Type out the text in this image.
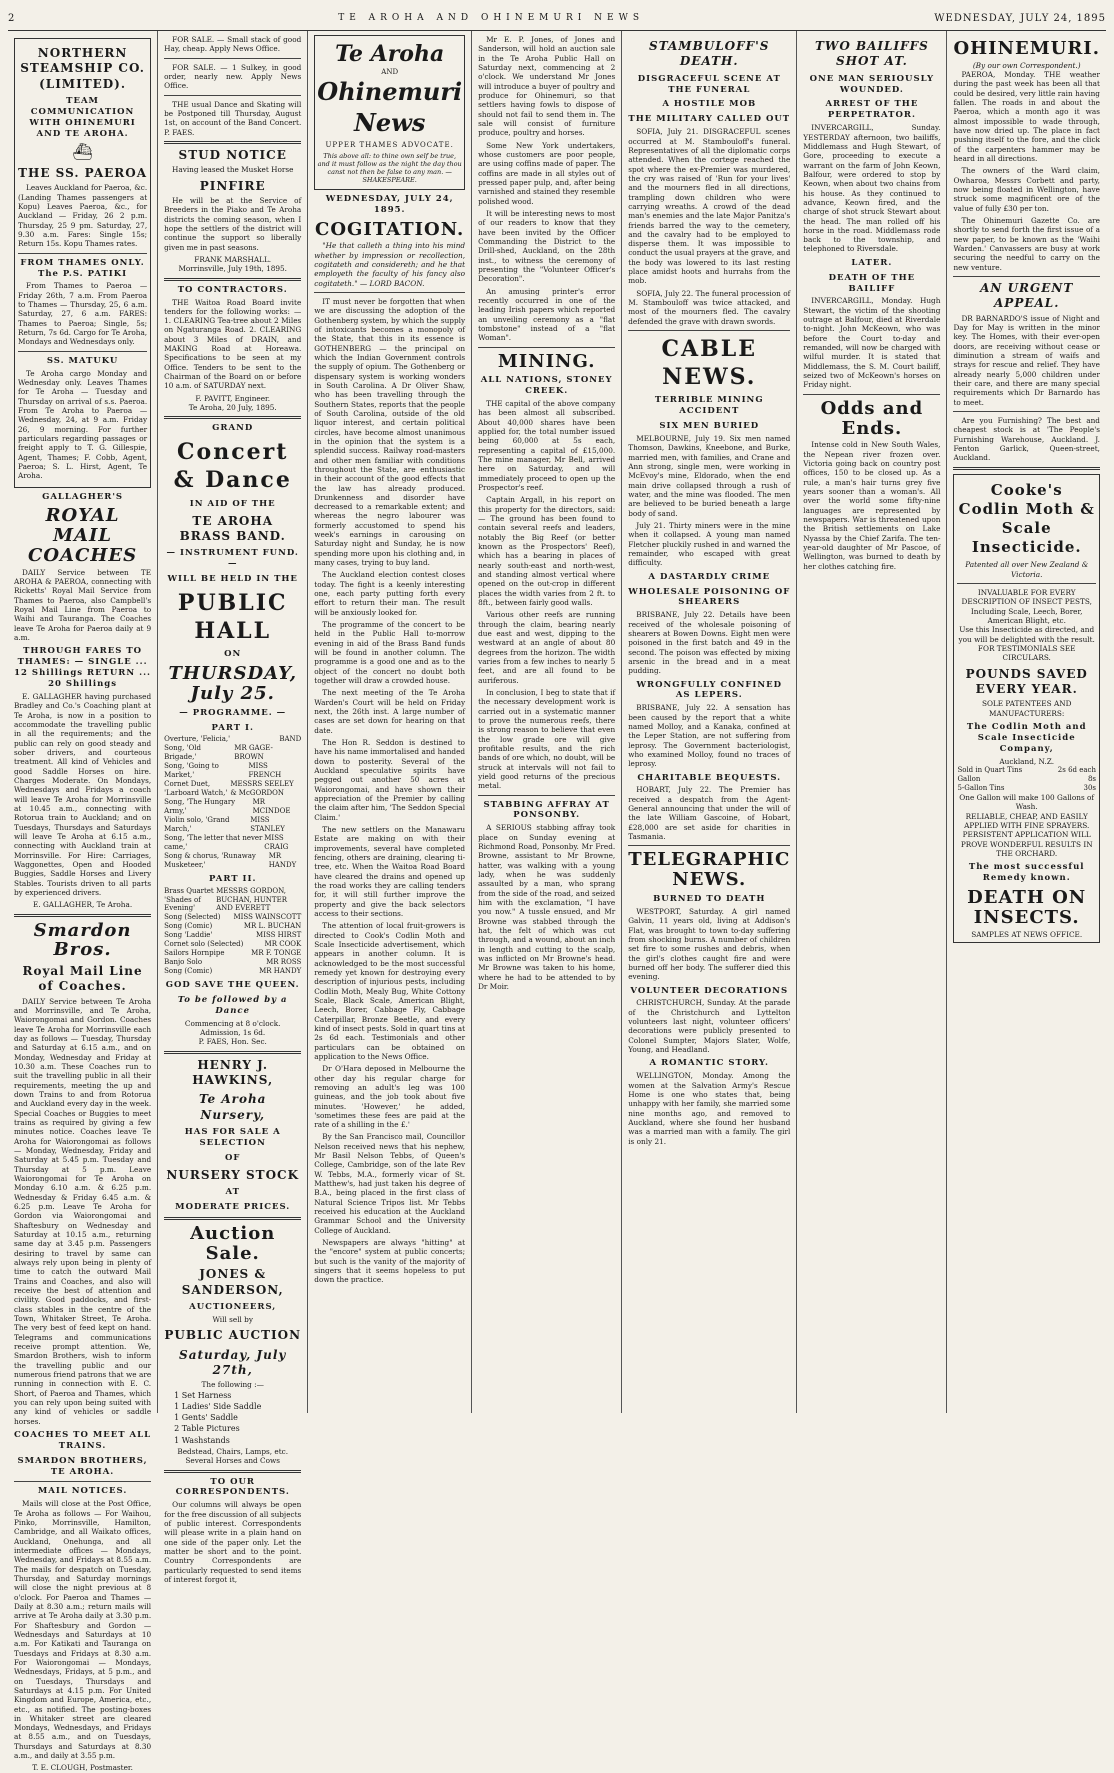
2	TE AROHA AND OHINEMURI NEWS	WEDNESDAY, JULY 24, 1895
NORTHERN STEAMSHIP CO. (LIMITED).
TEAM COMMUNICATION WITH OHINEMURI AND TE AROHA.
⛴
THE SS. PAEROA

Leaves Auckland for Paeroa, &c. (Landing Thames passengers at Kopu) Leaves Paeroa, &c., for Auckland — Friday, 26 2 p.m. Thursday, 25 9 pm. Saturday, 27, 9.30 a.m. Fares: Single 15s; Return 15s. Kopu Thames rates.

FROM THAMES ONLY. The P.S. PATIKI

From Thames to Paeroa — Friday 26th, 7 a.m. From Paeroa to Thames — Thursday, 25, 6 a.m. Saturday, 27, 6 a.m. FARES: Thames to Paeroa; Single, 5s; Return, 7s 6d. Cargo for Te Aroha, Mondays and Wednesdays only.

SS. MATUKU

Te Aroha cargo Monday and Wednesday only. Leaves Thames for Te Aroha — Tuesday and Thursday on arrival of s.s. Paeroa. From Te Aroha to Paeroa — Wednesday, 24, at 9 a.m. Friday 26, 9 morning. For further particulars regarding passages or freight apply to T. G. Gillespie, Agent, Thames; F. Cobb, Agent, Paeroa; S. L. Hirst, Agent, Te Aroha.

GALLAGHER'S
ROYAL MAIL COACHES

DAILY Service between TE AROHA & PAEROA, connecting with Ricketts' Royal Mail Service from Thames to Paeroa, also Campbell's Royal Mail Line from Paeroa to Waihi and Tauranga. The Coaches leave Te Aroha for Paeroa daily at 9 a.m.

THROUGH FARES TO THAMES: — SINGLE ... 12 Shillings RETURN ... 20 Shillings

E. GALLAGHER having purchased Bradley and Co.'s Coaching plant at Te Aroha, is now in a position to accommodate the travelling public in all the requirements; and the public can rely on good steady and sober drivers, and courteous treatment. All kind of Vehicles and good Saddle Horses on hire. Charges Moderate. On Mondays, Wednesdays and Fridays a coach will leave Te Aroha for Morrinsville at 10.45 a.m., connecting with Rotorua train to Auckland; and on Tuesdays, Thursdays and Saturdays will leave Te Aroha at 6.15 a.m., connecting with Auckland train at Morrinsville. For Hire: Carriages, Waggonettes, Open and Hooded Buggies, Saddle Horses and Livery Stables. Tourists driven to all parts by experienced drivers.

E. GALLAGHER, Te Aroha.
Smardon Bros.
Royal Mail Line of Coaches.

DAILY Service between Te Aroha and Morrinsville, and Te Aroha, Waiorongomai and Gordon. Coaches leave Te Aroha for Morrinsville each day as follows — Tuesday, Thursday and Saturday at 6.15 a.m., and on Monday, Wednesday and Friday at 10.30 a.m. These Coaches run to suit the travelling public in all their requirements, meeting the up and down Trains to and from Rotorua and Auckland every day in the week. Special Coaches or Buggies to meet trains as required by giving a few minutes notice. Coaches leave Te Aroha for Waiorongomai as follows — Monday, Wednesday, Friday and Saturday at 5.45 p.m. Tuesday and Thursday at 5 p.m. Leave Waiorongomai for Te Aroha on Monday 6.10 a.m. & 6.25 p.m. Wednesday & Friday 6.45 a.m. & 6.25 p.m. Leave Te Aroha for Gordon via Waiorongomai and Shaftesbury on Wednesday and Saturday at 10.15 a.m., returning same day at 3.45 p.m. Passengers desiring to travel by same can always rely upon being in plenty of time to catch the outward Mail Trains and Coaches, and also will receive the best of attention and civility. Good paddocks, and first-class stables in the centre of the Town, Whitaker Street, Te Aroha. The very best of feed kept on hand. Telegrams and communications receive prompt attention. We, Smardon Brothers, wish to inform the travelling public and our numerous friend patrons that we are running in connection with E. C. Short, of Paeroa and Thames, which you can rely upon being suited with any kind of vehicles or saddle horses.

COACHES TO MEET ALL TRAINS.
SMARDON BROTHERS, TE AROHA.
MAIL NOTICES.

Mails will close at the Post Office, Te Aroha as follows — For Waihou, Pinko, Morrinsville, Hamilton, Cambridge, and all Waikato offices, Auckland, Onehunga, and all intermediate offices — Mondays, Wednesday, and Fridays at 8.55 a.m. The mails for despatch on Tuesday, Thursday, and Saturday mornings will close the night previous at 8 o'clock. For Paeroa and Thames — Daily at 8.30 a.m.; return mails will arrive at Te Aroha daily at 3.30 p.m. For Shaftesbury and Gordon — Wednesdays and Saturdays at 10 a.m. For Katikati and Tauranga on Tuesdays and Fridays at 8.30 a.m. For Waiorongomai — Mondays, Wednesdays, Fridays, at 5 p.m., and on Tuesdays, Thursdays and Saturdays at 4.15 p.m. For United Kingdom and Europe, America, etc., etc., as notified. The posting-boxes in Whitaker street are cleared Mondays, Wednesdays, and Fridays at 8.55 a.m., and on Tuesdays, Thursdays and Saturdays at 8.30 a.m., and daily at 3.55 p.m.

T. E. CLOUGH, Postmaster.

FOR SALE. — Small stack of good Hay, cheap. Apply News Office.

FOR SALE. — 1 Sulkey, in good order, nearly new. Apply News Office.

THE usual Dance and Skating will be Postponed till Thursday, August 1st, on account of the Band Concert. P. FAES.

STUD NOTICE
Having leased the Musket Horse
PINFIRE

He will be at the Service of Breeders in the Piako and Te Aroha districts the coming season, when I hope the settlers of the district will continue the support so liberally given me in past seasons.

FRANK MARSHALL.
Morrinsville, July 19th, 1895.
TO CONTRACTORS.

THE Waitoa Road Board invite tenders for the following works: — 1. CLEARING Tea-tree about 2 Miles on Ngaturanga Road. 2. CLEARING about 3 Miles of DRAIN, and MAKING Road at Horeawa. Specifications to be seen at my Office. Tenders to be sent to the Chairman of the Board on or before 10 a.m. of SATURDAY next.

F. PAVITT, Engineer.
Te Aroha, 20 July, 1895.
GRAND
Concert & Dance
IN AID OF THE
TE AROHA BRASS BAND.
— INSTRUMENT FUND. —
WILL BE HELD IN THE
PUBLIC HALL
ON
THURSDAY, July 25.
— PROGRAMME. —
PART I.
Overture, 'Felicia,'	BAND
Song, 'Old Brigade,'
MR GAGE-BROWN
Song, 'Going to Market,'
MISS FRENCH
Cornet Duet, 'Larboard Watch,'
MESSRS SEELEY & McGORDON
Song, 'The Hungary Army,'
MR MCINDOE
Violin solo, 'Grand March,'
MISS STANLEY
Song, 'The letter that never came,'
MISS CRAIG
Song & chorus, 'Runaway Musketeer,'
MR HANDY
PART II.
Brass Quartet 'Shades of Evening'
MESSRS GORDON, BUCHAN, HUNTER AND EVERETT
Song (Selected) MISS WAINSCOTT
Song (Comic)	MR L. BUCHAN
Song 'Laddie'	MISS HIRST
Cornet solo (Selected)	MR COOK
Sailors Hornpipe	MR F. TONGE
Banjo Solo	MR ROSS
Song (Comic)	MR HANDY
GOD SAVE THE QUEEN.
To be followed by a Dance
Commencing at 8 o'clock. Admission, 1s 6d.
P. FAES, Hon. Sec.
HENRY J. HAWKINS,
Te Aroha Nursery,
HAS FOR SALE A SELECTION
OF
NURSERY STOCK
AT
MODERATE PRICES.
Auction Sale.
JONES & SANDERSON,
AUCTIONEERS,
Will sell by
PUBLIC AUCTION
Saturday, July 27th,
The following :—
1 Set Harness
1 Ladies' Side Saddle
1 Gents' Saddle
2 Table Pictures
1 Washstands
Bedstead, Chairs, Lamps, etc. Several Horses and Cows
TO OUR CORRESPONDENTS.

Our columns will always be open for the free discussion of all subjects of public interest. Correspondents will please write in a plain hand on one side of the paper only. Let the matter be short and to the point. Country Correspondents are particularly requested to send items of interest forgot it,

Te Aroha
AND
Ohinemuri News
UPPER THAMES ADVOCATE.
This above all: to thine own self be true, and it must follow as the night the day thou canst not then be false to any man. — SHAKESPEARE.
WEDNESDAY, JULY 24, 1895.
COGITATION.

"He that calleth a thing into his mind whether by impression or recollection, cogitateth and considereth; and he that employeth the faculty of his fancy also cogitateth." — LORD BACON.

IT must never be forgotten that when we are discussing the adoption of the Gothenberg system, by which the supply of intoxicants becomes a monopoly of the State, that this in its essence is GOTHENBERG — the principal on which the Indian Government controls the supply of opium. The Gothenberg or dispensary system is working wonders in South Carolina. A Dr Oliver Shaw, who has been travelling through the Southern States, reports that the people of South Carolina, outside of the old liquor interest, and certain political circles, have become almost unanimous in the opinion that the system is a splendid success. Railway road-masters and other men familiar with conditions throughout the State, are enthusiastic in their account of the good effects that the law has already produced. Drunkenness and disorder have decreased to a remarkable extent; and whereas the negro labourer was formerly accustomed to spend his week's earnings in carousing on Saturday night and Sunday, he is now spending more upon his clothing and, in many cases, trying to buy land.

The Auckland election contest closes today. The fight is a keenly interesting one, each party putting forth every effort to return their man. The result will be anxiously looked for.

The programme of the concert to be held in the Public Hall to-morrow evening in aid of the Brass Band funds will be found in another column. The programme is a good one and as to the object of the concert no doubt both together will draw a crowded house.

The next meeting of the Te Aroha Warden's Court will be held on Friday next, the 26th inst. A large number of cases are set down for hearing on that date.

The Hon R. Seddon is destined to have his name immortalised and handed down to posterity. Several of the Auckland speculative spirits have pegged out another 50 acres at Waiorongomai, and have shown their appreciation of the Premier by calling the claim after him, 'The Seddon Special Claim.'

The new settlers on the Manawaru Estate are making on with their improvements, several have completed fencing, others are draining, clearing ti-tree, etc. When the Waitoa Road Board have cleared the drains and opened up the road works they are calling tenders for, it will still further improve the property and give the back selectors access to their sections.

The attention of local fruit-growers is directed to Cook's Codlin Moth and Scale Insecticide advertisement, which appears in another column. It is acknowledged to be the most successful remedy yet known for destroying every description of injurious pests, including Codlin Moth, Mealy Bug, White Cottony Scale, Black Scale, American Blight, Leech, Borer, Cabbage Fly, Cabbage Caterpillar, Bronze Beetle, and every kind of insect pests. Sold in quart tins at 2s 6d each. Testimonials and other particulars can be obtained on application to the News Office.

Dr O'Hara deposed in Melbourne the other day his regular charge for removing an adult's leg was 100 guineas, and the job took about five minutes. 'However,' he added, 'sometimes these fees are paid at the rate of a shilling in the £.'

By the San Francisco mail, Councillor Nelson received news that his nephew, Mr Basil Nelson Tebbs, of Queen's College, Cambridge, son of the late Rev W. Tebbs, M.A., formerly vicar of St. Matthew's, had just taken his degree of B.A., being placed in the first class of Natural Science Tripos list. Mr Tebbs received his education at the Auckland Grammar School and the University College of Auckland.

Newspapers are always "hitting" at the "encore" system at public concerts; but such is the vanity of the majority of singers that it seems hopeless to put down the practice.

Mr E. P. Jones, of Jones and Sanderson, will hold an auction sale in the Te Aroha Public Hall on Saturday next, commencing at 2 o'clock. We understand Mr Jones will introduce a buyer of poultry and produce for Ohinemuri, so that settlers having fowls to dispose of should not fail to send them in. The sale will consist of furniture produce, poultry and horses.

Some New York undertakers, whose customers are poor people, are using coffins made of paper. The coffins are made in all styles out of pressed paper pulp, and, after being varnished and stained they resemble polished wood.

It will be interesting news to most of our readers to know that they have been invited by the Officer Commanding the District to the Drill-shed, Auckland, on the 28th inst., to witness the ceremony of presenting the "Volunteer Officer's Decoration".

An amusing printer's error recently occurred in one of the leading Irish papers which reported an unveiling ceremony as a "flat tombstone" instead of a "flat Woman".

MINING.
ALL NATIONS, STONEY CREEK.

THE capital of the above company has been almost all subscribed. About 40,000 shares have been applied for, the total number issued being 60,000 at 5s each, representing a capital of £15,000. The mine manager, Mr Bell, arrived here on Saturday, and will immediately proceed to open up the Prospector's reef.

Captain Argall, in his report on this property for the directors, said: — The ground has been found to contain several reefs and leaders, notably the Big Reef (or better known as the Prospectors' Reef), which has a bearing in places of nearly south-east and north-west, and standing almost vertical where opened on the out-crop in different places the width varies from 2 ft. to 8ft., between fairly good walls.

Various other reefs are running through the claim, bearing nearly due east and west, dipping to the westward at an angle of about 80 degrees from the horizon. The width varies from a few inches to nearly 5 feet, and are all found to be auriferous.

In conclusion, I beg to state that if the necessary development work is carried out in a systematic manner to prove the numerous reefs, there is strong reason to believe that even the low grade ore will give profitable results, and the rich bands of ore which, no doubt, will be struck at intervals will not fail to yield good returns of the precious metal.

STABBING AFFRAY AT PONSONBY.

A SERIOUS stabbing affray took place on Sunday evening at Richmond Road, Ponsonby. Mr Fred. Browne, assistant to Mr Browne, hatter, was walking with a young lady, when he was suddenly assaulted by a man, who sprang from the side of the road, and seized him with the exclamation, "I have you now." A tussle ensued, and Mr Browne was stabbed through the hat, the felt of which was cut through, and a wound, about an inch in length and cutting to the scalp, was inflicted on Mr Browne's head. Mr Browne was taken to his home, where he had to be attended to by Dr Moir.

STAMBULOFF'S DEATH.
DISGRACEFUL SCENE AT THE FUNERAL
A HOSTILE MOB
THE MILITARY CALLED OUT

SOFIA, July 21. DISGRACEFUL scenes occurred at M. Stambouloff's funeral. Representatives of all the diplomatic corps attended. When the cortege reached the spot where the ex-Premier was murdered, the cry was raised of 'Run for your lives' and the mourners fled in all directions, trampling down children who were carrying wreaths. A crowd of the dead man's enemies and the late Major Panitza's friends barred the way to the cemetery, and the cavalry had to be employed to disperse them. It was impossible to conduct the usual prayers at the grave, and the body was lowered to its last resting place amidst hoots and hurrahs from the mob.

SOFIA, July 22. The funeral procession of M. Stambouloff was twice attacked, and most of the mourners fled. The cavalry defended the grave with drawn swords.

CABLE NEWS.
TERRIBLE MINING ACCIDENT
SIX MEN BURIED

MELBOURNE, July 19. Six men named Thomson, Dawkins, Kneebone, and Burke, married men, with families, and Crane and Ann strong, single men, were working in McEvoy's mine, Eldorado, when the end main drive collapsed through a rush of water, and the mine was flooded. The men are believed to be buried beneath a large body of sand.

July 21. Thirty miners were in the mine when it collapsed. A young man named Fletcher pluckily rushed in and warned the remainder, who escaped with great difficulty.

A DASTARDLY CRIME
WHOLESALE POISONING OF SHEARERS

BRISBANE, July 22. Details have been received of the wholesale poisoning of shearers at Bowen Downs. Eight men were poisoned in the first batch and 49 in the second. The poison was effected by mixing arsenic in the bread and in a meat pudding.

WRONGFULLY CONFINED AS LEPERS.

BRISBANE, July 22. A sensation has been caused by the report that a white named Molloy, and a Kanaka, confined at the Leper Station, are not suffering from leprosy. The Government bacteriologist, who examined Molloy, found no traces of leprosy.

CHARITABLE BEQUESTS.

HOBART, July 22. The Premier has received a despatch from the Agent-General announcing that under the will of the late William Gascoine, of Hobart, £28,000 are set aside for charities in Tasmania.

TELEGRAPHIC NEWS.
BURNED TO DEATH

WESTPORT, Saturday. A girl named Galvin, 11 years old, living at Addison's Flat, was brought to town to-day suffering from shocking burns. A number of children set fire to some rushes and debris, when the girl's clothes caught fire and were burned off her body. The sufferer died this evening.

VOLUNTEER DECORATIONS

CHRISTCHURCH, Sunday. At the parade of the Christchurch and Lyttelton volunteers last night, volunteer officers' decorations were publicly presented to Colonel Sumpter, Majors Slater, Wolfe, Young, and Headland.

A ROMANTIC STORY.

WELLINGTON, Monday. Among the women at the Salvation Army's Rescue Home is one who states that, being unhappy with her family, she married some nine months ago, and removed to Auckland, where she found her husband was a married man with a family. The girl is only 21.

TWO BAILIFFS SHOT AT.
ONE MAN SERIOUSLY WOUNDED.
ARREST OF THE PERPETRATOR.

INVERCARGILL, Sunday. YESTERDAY afternoon, two bailiffs, Middlemass and Hugh Stewart, of Gore, proceeding to execute a warrant on the farm of John Keown, Balfour, were ordered to stop by Keown, when about two chains from his house. As they continued to advance, Keown fired, and the charge of shot struck Stewart about the head. The man rolled off his horse in the road. Middlemass rode back to the township, and telephoned to Riversdale.

LATER.
DEATH OF THE BAILIFF

INVERCARGILL, Monday. Hugh Stewart, the victim of the shooting outrage at Balfour, died at Riverdale to-night. John McKeown, who was before the Court to-day and remanded, will now be charged with wilful murder. It is stated that Middlemass, the S. M. Court bailiff, seized two of McKeown's horses on Friday night.

Odds and Ends.

Intense cold in New South Wales, the Nepean river frozen over. Victoria going back on country post offices, 150 to be closed up. As a rule, a man's hair turns grey five years sooner than a woman's. All over the world some fifty-nine languages are represented by newspapers. War is threatened upon the British settlements on Lake Nyassa by the Chief Zarifa. The ten-year-old daughter of Mr Pascoe, of Wellington, was burned to death by her clothes catching fire.

OHINEMURI.
(By our own Correspondent.)

PAEROA, Monday. THE weather during the past week has been all that could be desired, very little rain having fallen. The roads in and about the Paeroa, which a month ago it was almost impossible to wade through, have now dried up. The place in fact pushing itself to the fore, and the click of the carpenters hammer may be heard in all directions.

The owners of the Ward claim, Owharoa, Messrs Corbett and party, now being floated in Wellington, have struck some magnificent ore of the value of fully £30 per ton.

The Ohinemuri Gazette Co. are shortly to send forth the first issue of a new paper, to be known as the 'Waihi Warden.' Canvassers are busy at work securing the needful to carry on the new venture.

AN URGENT APPEAL.

DR BARNARDO'S issue of Night and Day for May is written in the minor key. The Homes, with their ever-open doors, are receiving without cease or diminution a stream of waifs and strays for rescue and relief. They have already nearly 5,000 children under their care, and there are many special requirements which Dr Barnardo has to meet.

Are you Furnishing? The best and cheapest stock is at 'The People's Furnishing Warehouse, Auckland. J. Fenton Garlick, Queen-street, Auckland.

Cooke's Codlin Moth & Scale Insecticide.
Patented all over New Zealand & Victoria.
INVALUABLE FOR EVERY DESCRIPTION OF INSECT PESTS, Including Scale, Leech, Borer, American Blight, etc.
Use this Insecticide as directed, and you will be delighted with the result.
FOR TESTIMONIALS SEE CIRCULARS.
POUNDS SAVED EVERY YEAR.
SOLE PATENTEES AND MANUFACTURERS:
The Codlin Moth and Scale Insecticide Company,
Auckland, N.Z.
Sold in Quart Tins	2s 6d each
Gallon	8s
5-Gallon Tins	30s
One Gallon will make 100 Gallons of Wash.
RELIABLE, CHEAP, AND EASILY APPLIED WITH FINE SPRAYERS.
PERSISTENT APPLICATION WILL PROVE WONDERFUL RESULTS IN THE ORCHARD.
The most successful Remedy known.
DEATH ON INSECTS.
SAMPLES AT NEWS OFFICE.
